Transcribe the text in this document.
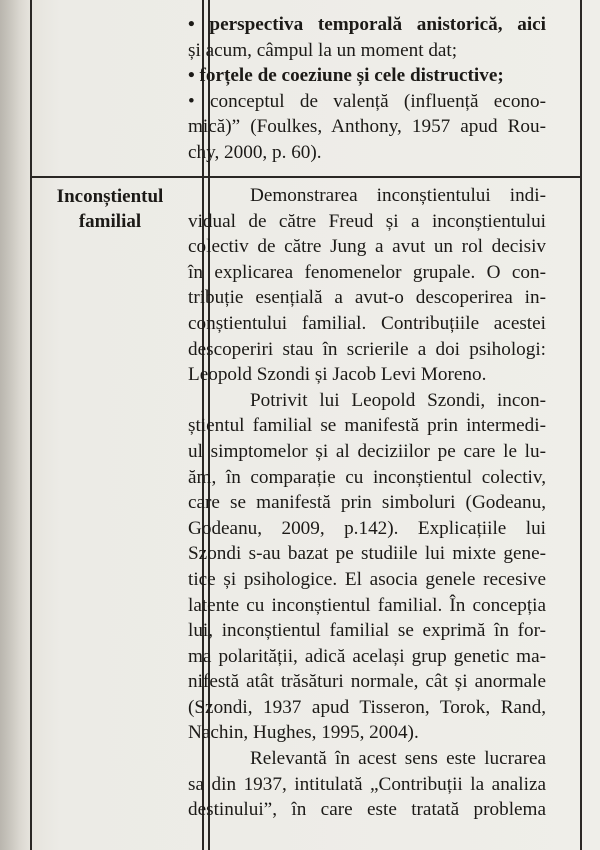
• perspectiva temporală anistorică, aici
și acum, câmpul la un moment dat;
• forțele de coeziune și cele distructive;
• conceptul de valență (influență econo-
mică)” (Foulkes, Anthony, 1957 apud Rou-
chy, 2000, p. 60).
Inconștientul
familial
Demonstrarea inconștientului indi-
vidual de către Freud și a inconștientului
colectiv de către Jung a avut un rol decisiv
în explicarea fenomenelor grupale. O con-
tribuție esențială a avut-o descoperirea in-
conștientului familial. Contribuțiile acestei
descoperiri stau în scrierile a doi psihologi:
Leopold Szondi și Jacob Levi Moreno.
Potrivit lui Leopold Szondi, incon-
știentul familial se manifestă prin intermedi-
ul simptomelor și al deciziilor pe care le lu-
ăm, în comparație cu inconștientul colectiv,
care se manifestă prin simboluri (Godeanu,
Godeanu, 2009, p.142). Explicațiile lui
Szondi s-au bazat pe studiile lui mixte gene-
tice și psihologice. El asocia genele recesive
latente cu inconștientul familial. În concepția
lui, inconștientul familial se exprimă în for-
ma polarității, adică același grup genetic ma-
nifestă atât trăsături normale, cât și anormale
(Szondi, 1937 apud Tisseron, Torok, Rand,
Nachin, Hughes, 1995, 2004).
Relevantă în acest sens este lucrarea
sa din 1937, intitulată „Contribuții la analiza
destinului”, în care este tratată problema
